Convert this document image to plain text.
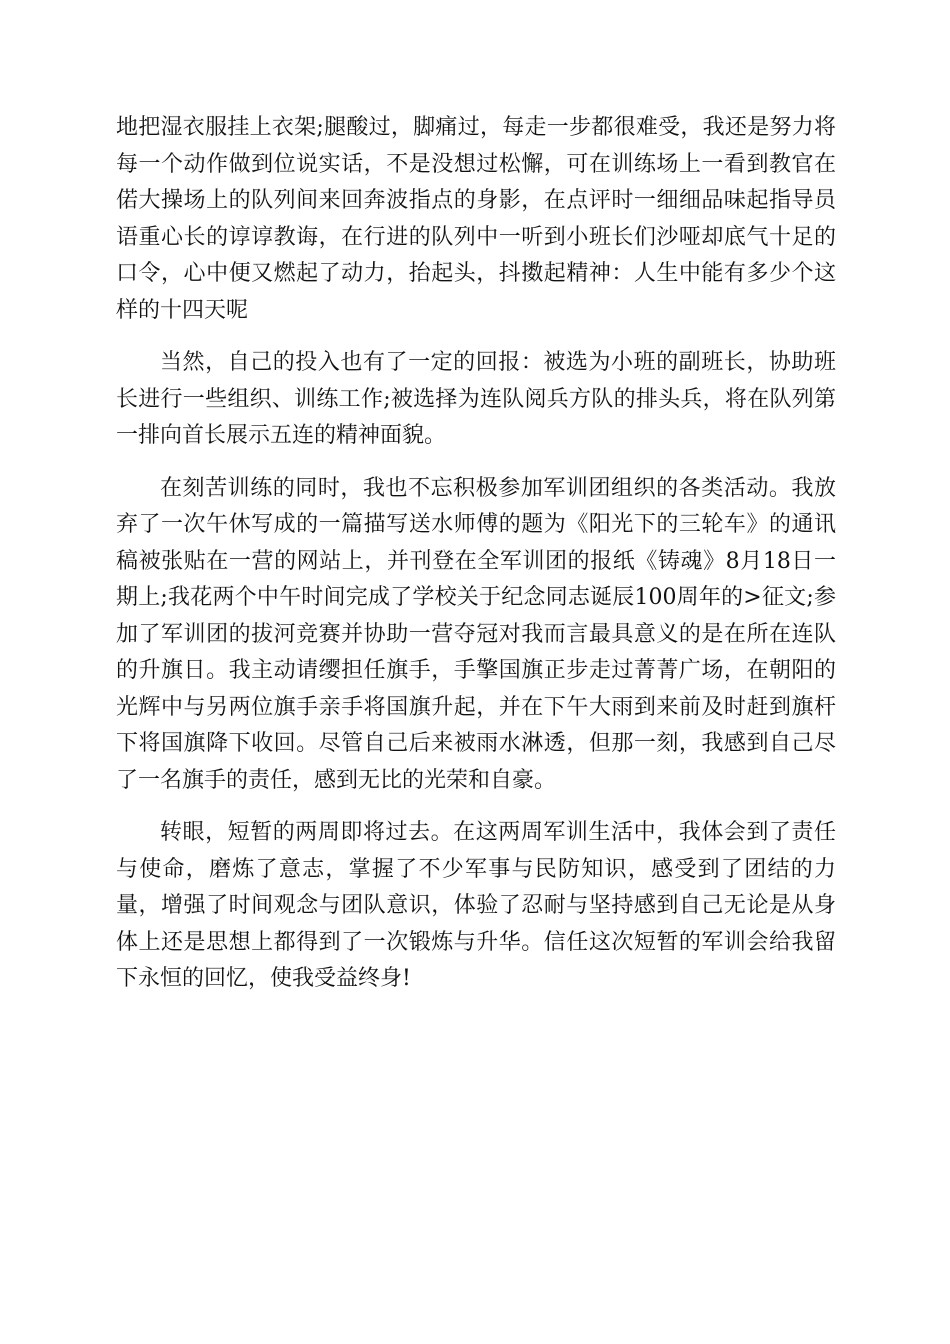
地把湿衣服挂上衣架;腿酸过，脚痛过，每走一步都很难受，我还是努力将每一个动作做到位说实话，不是没想过松懈，可在训练场上一看到教官在偌大操场上的队列间来回奔波指点的身影，在点评时一细细品味起指导员语重心长的谆谆教诲，在行进的队列中一听到小班长们沙哑却底气十足的口令，心中便又燃起了动力，抬起头，抖擞起精神：人生中能有多少个这样的十四天呢

当然，自己的投入也有了一定的回报：被选为小班的副班长，协助班长进行一些组织、训练工作;被选择为连队阅兵方队的排头兵，将在队列第一排向首长展示五连的精神面貌。

在刻苦训练的同时，我也不忘积极参加军训团组织的各类活动。我放弃了一次午休写成的一篇描写送水师傅的题为《阳光下的三轮车》的通讯稿被张贴在一营的网站上，并刊登在全军训团的报纸《铸魂》8月18日一期上;我花两个中午时间完成了学校关于纪念同志诞辰100周年的>征文;参加了军训团的拔河竞赛并协助一营夺冠对我而言最具意义的是在所在连队的升旗日。我主动请缨担任旗手，手擎国旗正步走过菁菁广场，在朝阳的光辉中与另两位旗手亲手将国旗升起，并在下午大雨到来前及时赶到旗杆下将国旗降下收回。尽管自己后来被雨水淋透，但那一刻，我感到自己尽了一名旗手的责任，感到无比的光荣和自豪。

转眼，短暂的两周即将过去。在这两周军训生活中，我体会到了责任与使命，磨炼了意志，掌握了不少军事与民防知识，感受到了团结的力量，增强了时间观念与团队意识，体验了忍耐与坚持感到自己无论是从身体上还是思想上都得到了一次锻炼与升华。信任这次短暂的军训会给我留下永恒的回忆，使我受益终身!
